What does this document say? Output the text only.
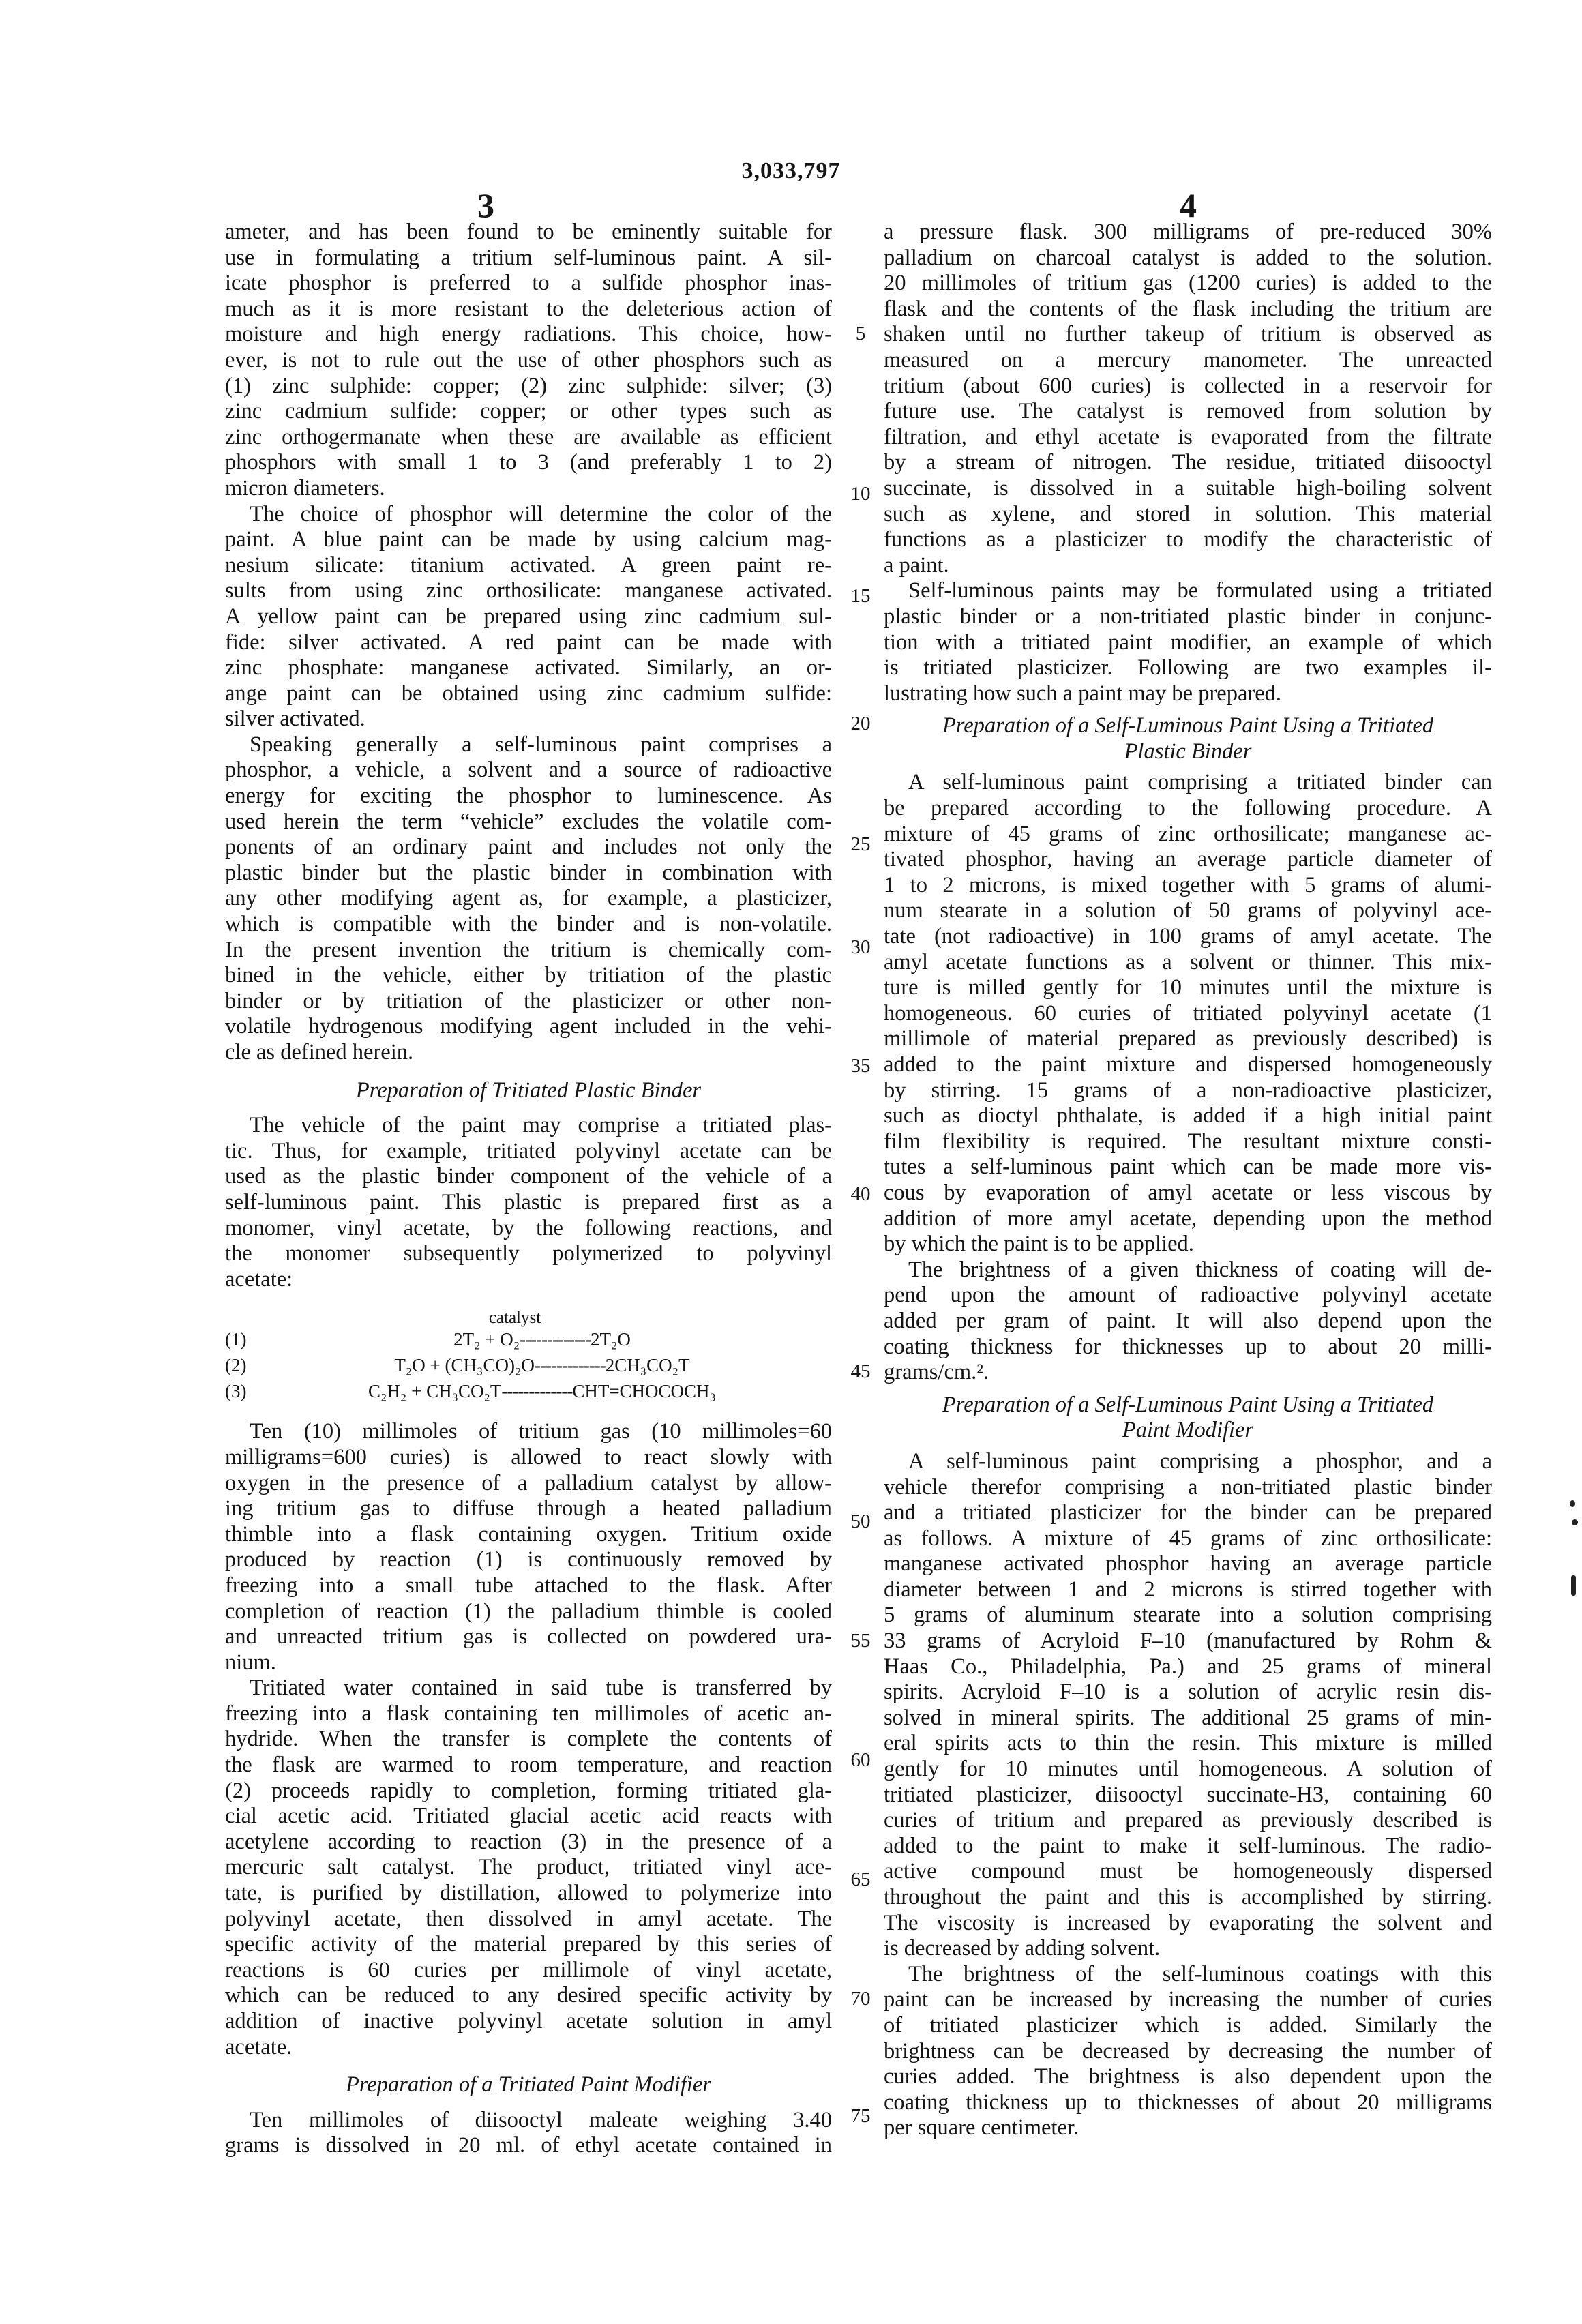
3,033,797
3	4
ameter, and has been found to be eminently suitable for
use in formulating a tritium self-luminous paint. A sil-
icate phosphor is preferred to a sulfide phosphor inas-
much as it is more resistant to the deleterious action of
moisture and high energy radiations. This choice, how-
ever, is not to rule out the use of other phosphors such as
(1) zinc sulphide: copper; (2) zinc sulphide: silver; (3)
zinc cadmium sulfide: copper; or other types such as
zinc orthogermanate when these are available as efficient
phosphors with small 1 to 3 (and preferably 1 to 2)
micron diameters.
The choice of phosphor will determine the color of the
paint. A blue paint can be made by using calcium mag-
nesium silicate: titanium activated. A green paint re-
sults from using zinc orthosilicate: manganese activated.
A yellow paint can be prepared using zinc cadmium sul-
fide: silver activated. A red paint can be made with
zinc phosphate: manganese activated. Similarly, an or-
ange paint can be obtained using zinc cadmium sulfide:
silver activated.
Speaking generally a self-luminous paint comprises a
phosphor, a vehicle, a solvent and a source of radioactive
energy for exciting the phosphor to luminescence. As
used herein the term “vehicle” excludes the volatile com-
ponents of an ordinary paint and includes not only the
plastic binder but the plastic binder in combination with
any other modifying agent as, for example, a plasticizer,
which is compatible with the binder and is non-volatile.
In the present invention the tritium is chemically com-
bined in the vehicle, either by tritiation of the plastic
binder or by tritiation of the plasticizer or other non-
volatile hydrogenous modifying agent included in the vehi-
cle as defined herein.
Preparation of Tritiated Plastic Binder
The vehicle of the paint may comprise a tritiated plas-
tic. Thus, for example, tritiated polyvinyl acetate can be
used as the plastic binder component of the vehicle of a
self-luminous paint. This plastic is prepared first as a
monomer, vinyl acetate, by the following reactions, and
the monomer subsequently polymerized to polyvinyl
acetate:
catalyst
(1)	2T₂ + O₂-------------2T₂O
(2)	T₂O + (CH₃CO)₂O-------------2CH₃CO₂T
(3)	C₂H₂ + CH₃CO₂T-------------CHT=CHOCOCH₃
Ten (10) millimoles of tritium gas (10 millimoles=60
milligrams=600 curies) is allowed to react slowly with
oxygen in the presence of a palladium catalyst by allow-
ing tritium gas to diffuse through a heated palladium
thimble into a flask containing oxygen. Tritium oxide
produced by reaction (1) is continuously removed by
freezing into a small tube attached to the flask. After
completion of reaction (1) the palladium thimble is cooled
and unreacted tritium gas is collected on powdered ura-
nium.
Tritiated water contained in said tube is transferred by
freezing into a flask containing ten millimoles of acetic an-
hydride. When the transfer is complete the contents of
the flask are warmed to room temperature, and reaction
(2) proceeds rapidly to completion, forming tritiated gla-
cial acetic acid. Tritiated glacial acetic acid reacts with
acetylene according to reaction (3) in the presence of a
mercuric salt catalyst. The product, tritiated vinyl ace-
tate, is purified by distillation, allowed to polymerize into
polyvinyl acetate, then dissolved in amyl acetate. The
specific activity of the material prepared by this series of
reactions is 60 curies per millimole of vinyl acetate,
which can be reduced to any desired specific activity by
addition of inactive polyvinyl acetate solution in amyl
acetate.
Preparation of a Tritiated Paint Modifier
Ten millimoles of diisooctyl maleate weighing 3.40
grams is dissolved in 20 ml. of ethyl acetate contained in
5
10
15
20
25
30
35
40
45
50
55
60
65
70
75
a pressure flask. 300 milligrams of pre-reduced 30%
palladium on charcoal catalyst is added to the solution.
20 millimoles of tritium gas (1200 curies) is added to the
flask and the contents of the flask including the tritium are
shaken until no further takeup of tritium is observed as
measured on a mercury manometer. The unreacted
tritium (about 600 curies) is collected in a reservoir for
future use. The catalyst is removed from solution by
filtration, and ethyl acetate is evaporated from the filtrate
by a stream of nitrogen. The residue, tritiated diisooctyl
succinate, is dissolved in a suitable high-boiling solvent
such as xylene, and stored in solution. This material
functions as a plasticizer to modify the characteristic of
a paint.
Self-luminous paints may be formulated using a tritiated
plastic binder or a non-tritiated plastic binder in conjunc-
tion with a tritiated paint modifier, an example of which
is tritiated plasticizer. Following are two examples il-
lustrating how such a paint may be prepared.
Preparation of a Self-Luminous Paint Using a Tritiated
Plastic Binder
A self-luminous paint comprising a tritiated binder can
be prepared according to the following procedure. A
mixture of 45 grams of zinc orthosilicate; manganese ac-
tivated phosphor, having an average particle diameter of
1 to 2 microns, is mixed together with 5 grams of alumi-
num stearate in a solution of 50 grams of polyvinyl ace-
tate (not radioactive) in 100 grams of amyl acetate. The
amyl acetate functions as a solvent or thinner. This mix-
ture is milled gently for 10 minutes until the mixture is
homogeneous. 60 curies of tritiated polyvinyl acetate (1
millimole of material prepared as previously described) is
added to the paint mixture and dispersed homogeneously
by stirring. 15 grams of a non-radioactive plasticizer,
such as dioctyl phthalate, is added if a high initial paint
film flexibility is required. The resultant mixture consti-
tutes a self-luminous paint which can be made more vis-
cous by evaporation of amyl acetate or less viscous by
addition of more amyl acetate, depending upon the method
by which the paint is to be applied.
The brightness of a given thickness of coating will de-
pend upon the amount of radioactive polyvinyl acetate
added per gram of paint. It will also depend upon the
coating thickness for thicknesses up to about 20 milli-
grams/cm.².
Preparation of a Self-Luminous Paint Using a Tritiated
Paint Modifier
A self-luminous paint comprising a phosphor, and a
vehicle therefor comprising a non-tritiated plastic binder
and a tritiated plasticizer for the binder can be prepared
as follows. A mixture of 45 grams of zinc orthosilicate:
manganese activated phosphor having an average particle
diameter between 1 and 2 microns is stirred together with
5 grams of aluminum stearate into a solution comprising
33 grams of Acryloid F–10 (manufactured by Rohm &
Haas Co., Philadelphia, Pa.) and 25 grams of mineral
spirits. Acryloid F–10 is a solution of acrylic resin dis-
solved in mineral spirits. The additional 25 grams of min-
eral spirits acts to thin the resin. This mixture is milled
gently for 10 minutes until homogeneous. A solution of
tritiated plasticizer, diisooctyl succinate-H3, containing 60
curies of tritium and prepared as previously described is
added to the paint to make it self-luminous. The radio-
active compound must be homogeneously dispersed
throughout the paint and this is accomplished by stirring.
The viscosity is increased by evaporating the solvent and
is decreased by adding solvent.
The brightness of the self-luminous coatings with this
paint can be increased by increasing the number of curies
of tritiated plasticizer which is added. Similarly the
brightness can be decreased by decreasing the number of
curies added. The brightness is also dependent upon the
coating thickness up to thicknesses of about 20 milligrams
per square centimeter.
